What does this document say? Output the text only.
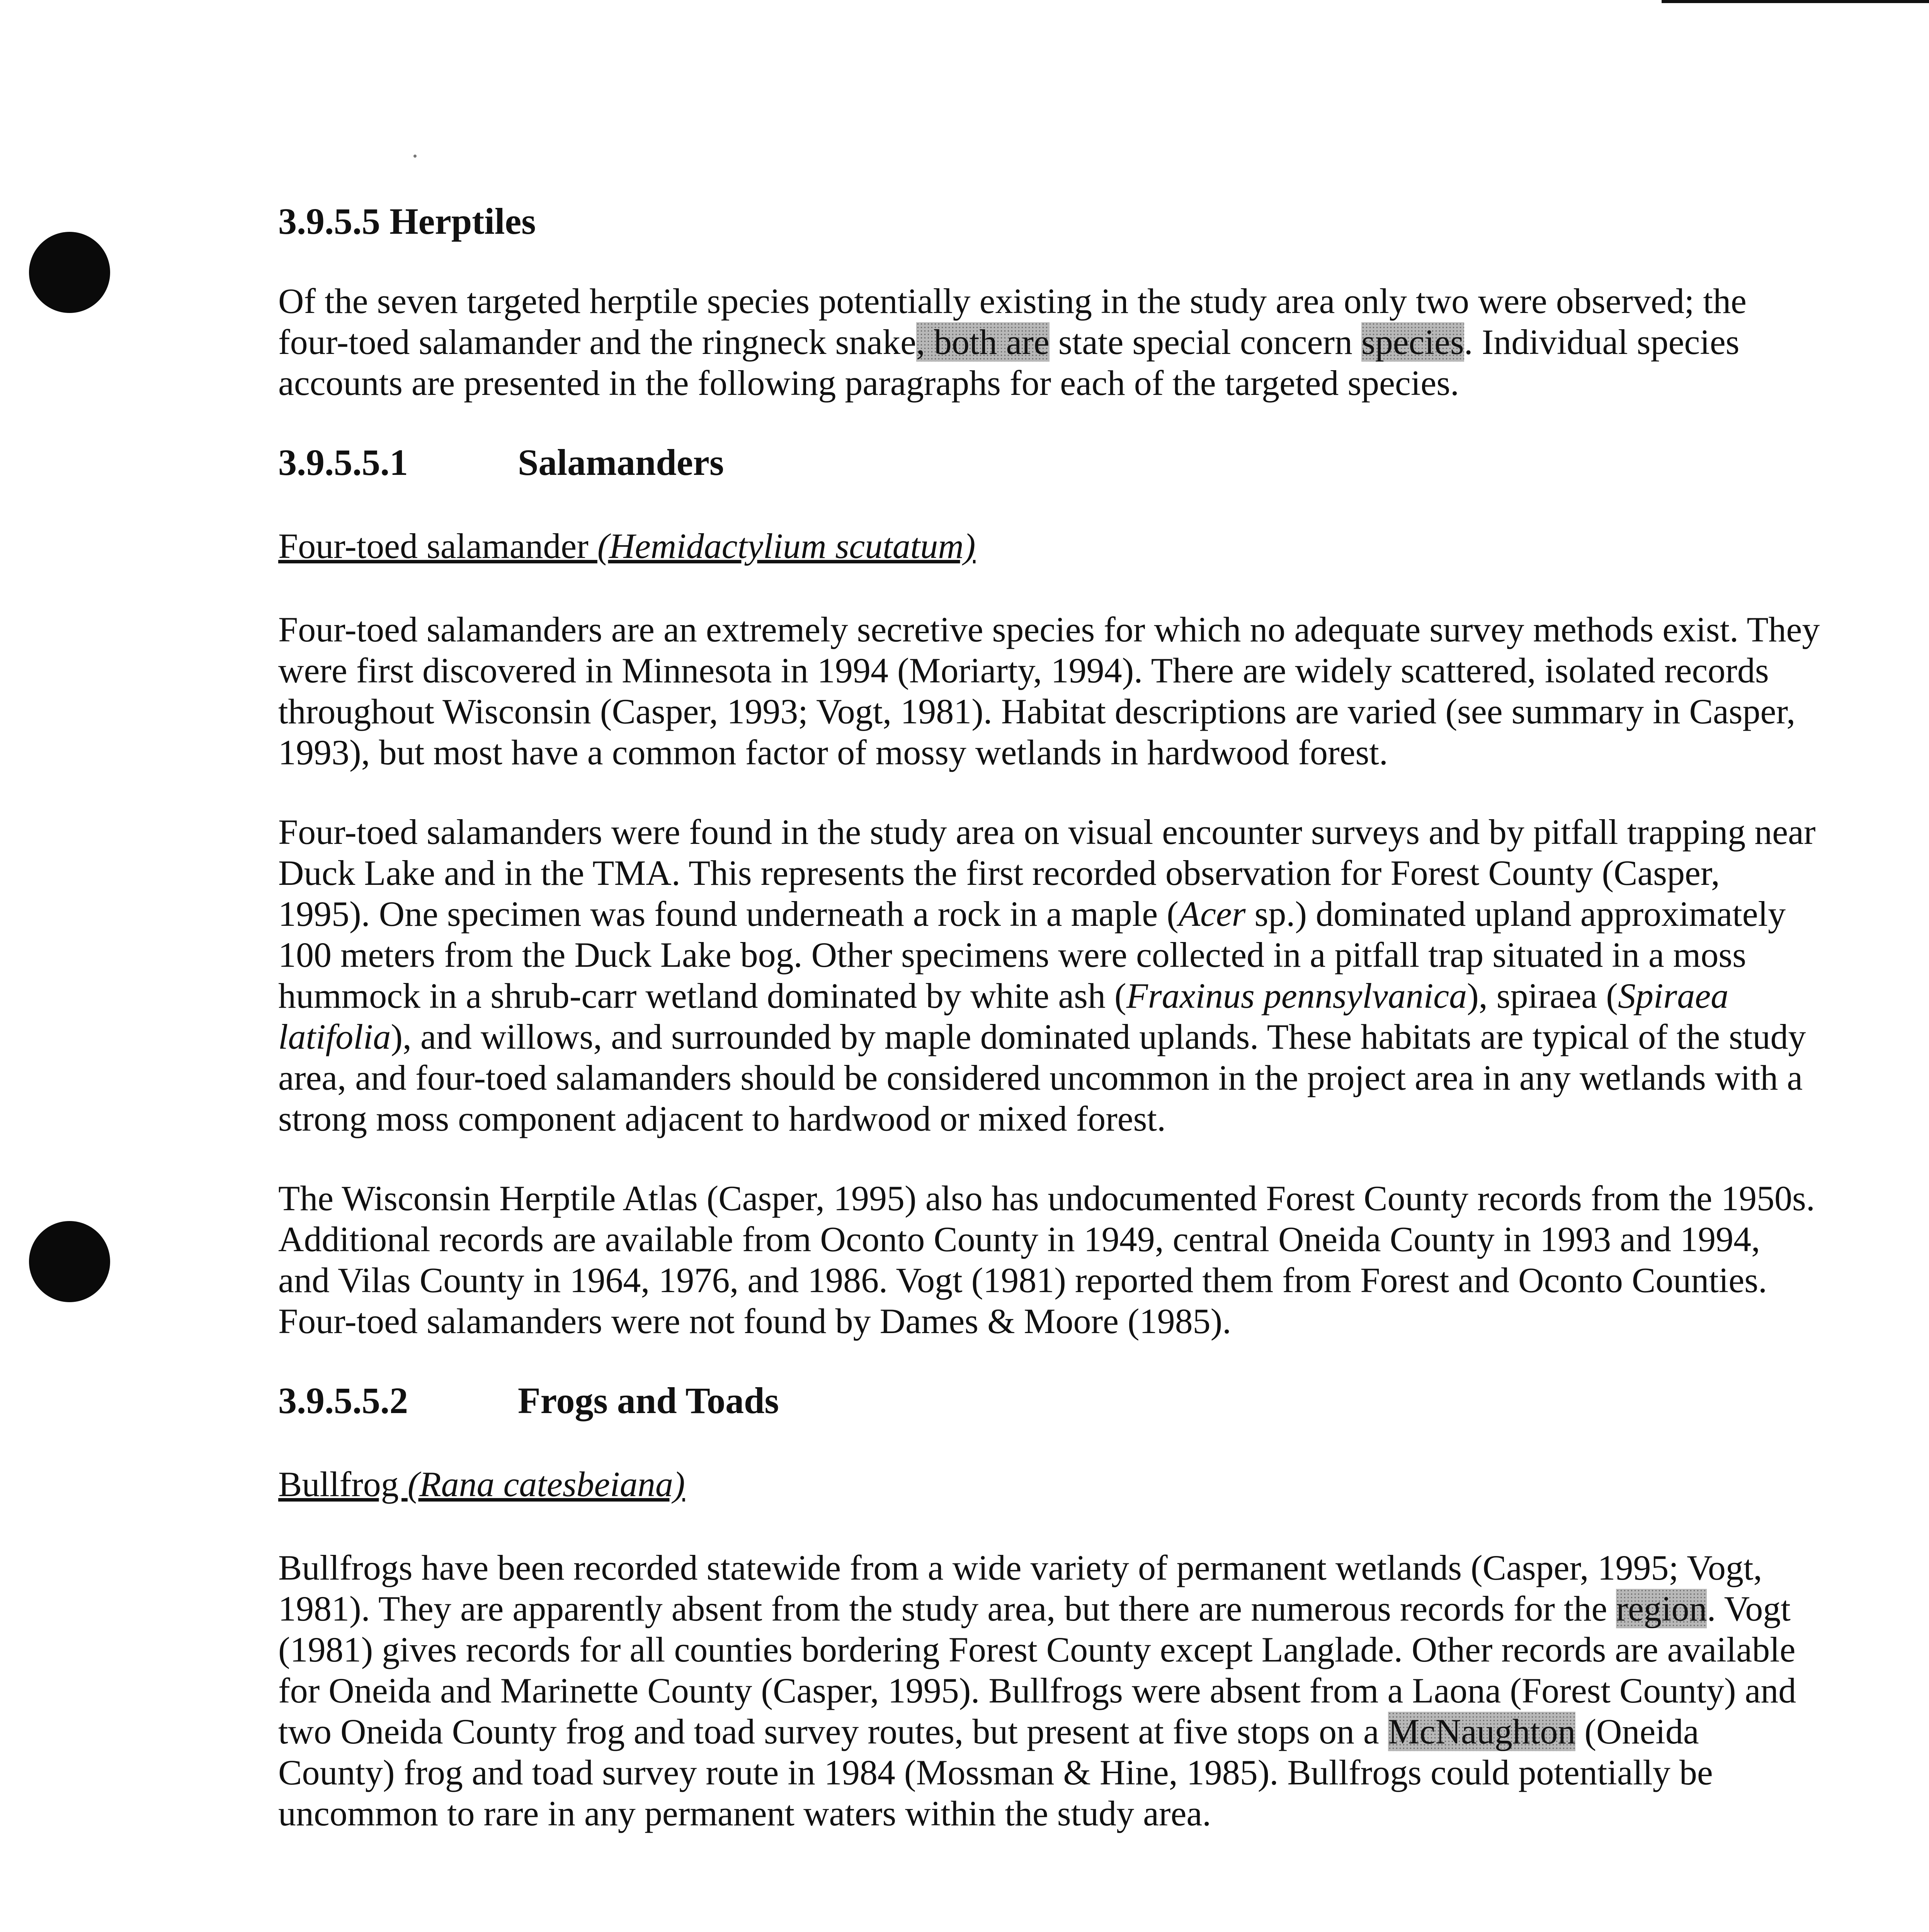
3.9.5.5 Herptiles

Of the seven targeted herptile species potentially existing in the study area only two were observed; the four-toed salamander and the ringneck snake, both are state special concern species. Individual species accounts are presented in the following paragraphs for each of the targeted species.

3.9.5.5.1	Salamanders
Four-toed salamander (Hemidactylium scutatum)

Four-toed salamanders are an extremely secretive species for which no adequate survey methods exist. They were first discovered in Minnesota in 1994 (Moriarty, 1994). There are widely scattered, isolated records throughout Wisconsin (Casper, 1993; Vogt, 1981). Habitat descriptions are varied (see summary in Casper, 1993), but most have a common factor of mossy wetlands in hardwood forest.

Four-toed salamanders were found in the study area on visual encounter surveys and by pitfall trapping near Duck Lake and in the TMA. This represents the first recorded observation for Forest County (Casper, 1995). One specimen was found underneath a rock in a maple (Acer sp.) dominated upland approximately 100 meters from the Duck Lake bog. Other specimens were collected in a pitfall trap situated in a moss hummock in a shrub-carr wetland dominated by white ash (Fraxinus pennsylvanica), spiraea (Spiraea latifolia), and willows, and surrounded by maple dominated uplands. These habitats are typical of the study area, and four-toed salamanders should be considered uncommon in the project area in any wetlands with a strong moss component adjacent to hardwood or mixed forest.

The Wisconsin Herptile Atlas (Casper, 1995) also has undocumented Forest County records from the 1950s. Additional records are available from Oconto County in 1949, central Oneida County in 1993 and 1994, and Vilas County in 1964, 1976, and 1986. Vogt (1981) reported them from Forest and Oconto Counties. Four-toed salamanders were not found by Dames & Moore (1985).

3.9.5.5.2	Frogs and Toads
Bullfrog (Rana catesbeiana)

Bullfrogs have been recorded statewide from a wide variety of permanent wetlands (Casper, 1995; Vogt, 1981). They are apparently absent from the study area, but there are numerous records for the region. Vogt (1981) gives records for all counties bordering Forest County except Langlade. Other records are available for Oneida and Marinette County (Casper, 1995). Bullfrogs were absent from a Laona (Forest County) and two Oneida County frog and toad survey routes, but present at five stops on a McNaughton (Oneida County) frog and toad survey route in 1984 (Mossman & Hine, 1985). Bullfrogs could potentially be uncommon to rare in any permanent waters within the study area.
